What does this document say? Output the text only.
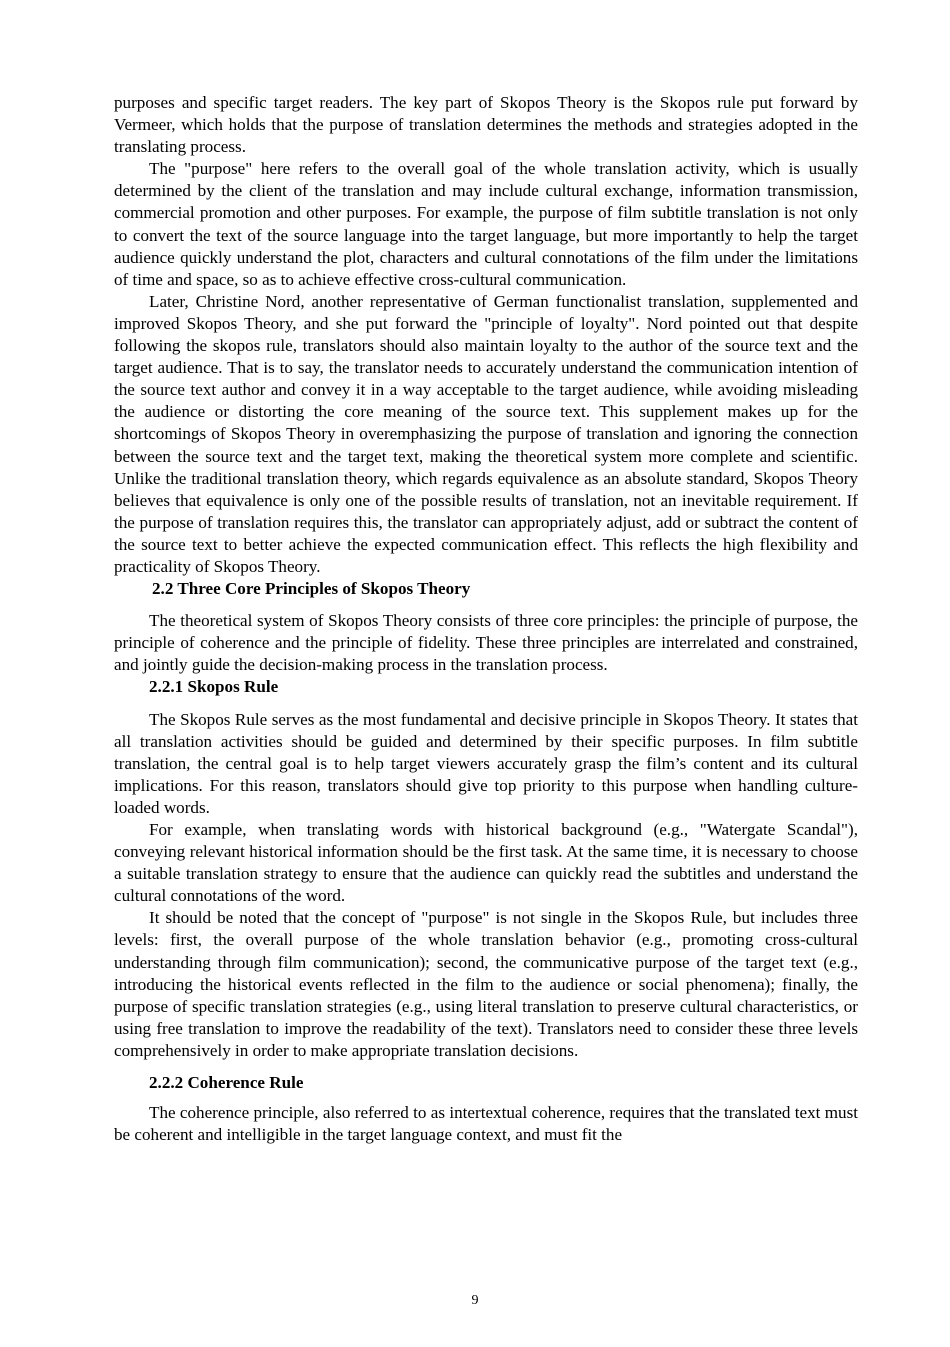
purposes and specific target readers. The key part of Skopos Theory is the Skopos rule put forward by Vermeer, which holds that the purpose of translation determines the methods and strategies adopted in the translating process.

The "purpose" here refers to the overall goal of the whole translation activity, which is usually determined by the client of the translation and may include cultural exchange, information transmission, commercial promotion and other purposes. For example, the purpose of film subtitle translation is not only to convert the text of the source language into the target language, but more importantly to help the target audience quickly understand the plot, characters and cultural connotations of the film under the limitations of time and space, so as to achieve effective cross-cultural communication.

Later, Christine Nord, another representative of German functionalist translation, supplemented and improved Skopos Theory, and she put forward the "principle of loyalty". Nord pointed out that despite following the skopos rule, translators should also maintain loyalty to the author of the source text and the target audience. That is to say, the translator needs to accurately understand the communication intention of the source text author and convey it in a way acceptable to the target audience, while avoiding misleading the audience or distorting the core meaning of the source text. This supplement makes up for the shortcomings of Skopos Theory in overemphasizing the purpose of translation and ignoring the connection between the source text and the target text, making the theoretical system more complete and scientific. Unlike the traditional translation theory, which regards equivalence as an absolute standard, Skopos Theory believes that equivalence is only one of the possible results of translation, not an inevitable requirement. If the purpose of translation requires this, the translator can appropriately adjust, add or subtract the content of the source text to better achieve the expected communication effect. This reflects the high flexibility and practicality of Skopos Theory.

2.2 Three Core Principles of Skopos Theory

The theoretical system of Skopos Theory consists of three core principles: the principle of purpose, the principle of coherence and the principle of fidelity. These three principles are interrelated and constrained, and jointly guide the decision-making process in the translation process.

2.2.1 Skopos Rule

The Skopos Rule serves as the most fundamental and decisive principle in Skopos Theory. It states that all translation activities should be guided and determined by their specific purposes. In film subtitle translation, the central goal is to help target viewers accurately grasp the film’s content and its cultural implications. For this reason, translators should give top priority to this purpose when handling culture-loaded words.

For example, when translating words with historical background (e.g., "Watergate Scandal"), conveying relevant historical information should be the first task. At the same time, it is necessary to choose a suitable translation strategy to ensure that the audience can quickly read the subtitles and understand the cultural connotations of the word.

It should be noted that the concept of "purpose" is not single in the Skopos Rule, but includes three levels: first, the overall purpose of the whole translation behavior (e.g., promoting cross-cultural understanding through film communication); second, the communicative purpose of the target text (e.g., introducing the historical events reflected in the film to the audience or social phenomena); finally, the purpose of specific translation strategies (e.g., using literal translation to preserve cultural characteristics, or using free translation to improve the readability of the text). Translators need to consider these three levels comprehensively in order to make appropriate translation decisions.

2.2.2 Coherence Rule

The coherence principle, also referred to as intertextual coherence, requires that the translated text must be coherent and intelligible in the target language context, and must fit the

9
